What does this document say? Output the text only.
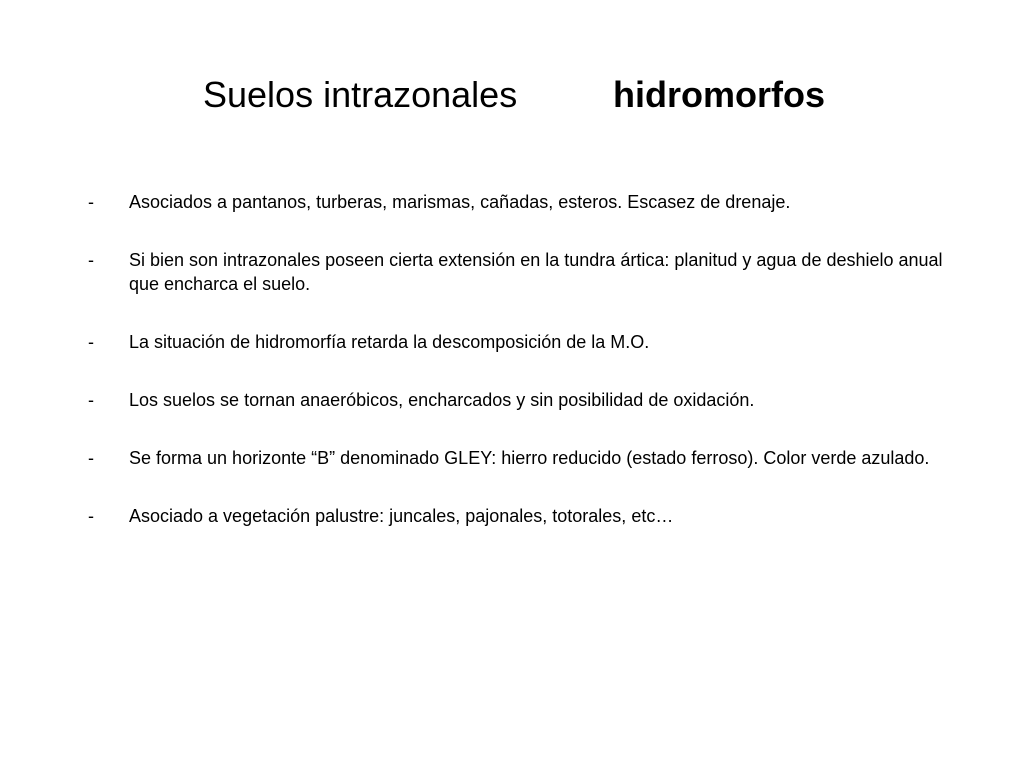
Suelos intrazonales	hidromorfos
-	Asociados a pantanos, turberas, marismas, cañadas, esteros. Escasez de drenaje.
-	Si bien son intrazonales poseen cierta extensión en la tundra ártica: planitud y agua de deshielo anual que encharca el suelo.
-	La situación de hidromorfía retarda la descomposición de la M.O.
-	Los suelos se tornan anaeróbicos, encharcados y sin posibilidad de oxidación.
-	Se forma un horizonte “B” denominado GLEY: hierro reducido (estado ferroso). Color verde azulado.
-	Asociado a vegetación palustre: juncales, pajonales, totorales, etc…
